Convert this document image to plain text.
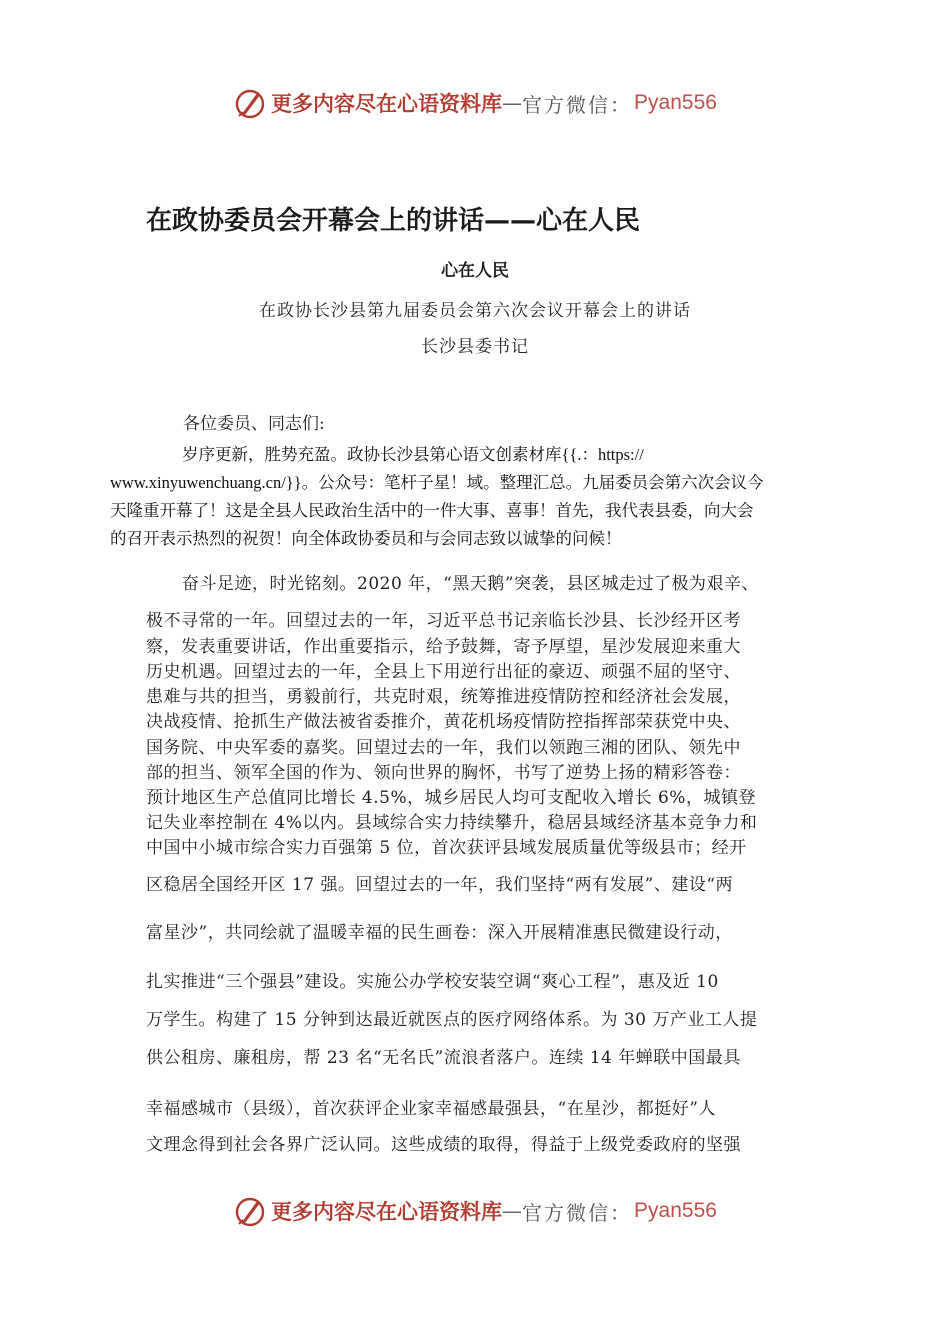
更多内容尽在心语资料库 — 官方微信： Pyan556
在政协委员会开幕会上的讲话——心在人民
心在人民
在政协长沙县第九届委员会第六次会议开幕会上的讲话
长沙县委书记
各位委员、同志们:
岁序更新，胜势充盈。政协长沙县第心语文创素材库{{.：https://
www.xinyuwenchuang.cn/}}。公众号：笔杆子星！域。整理汇总。九届委员会第六次会议今
天隆重开幕了！这是全县人民政治生活中的一件大事、喜事！首先，我代表县委，向大会
的召开表示热烈的祝贺！向全体政协委员和与会同志致以诚挚的问候！
奋斗足迹，时光铭刻。2020 年，“黑天鹅”突袭，县区城走过了极为艰辛、
极不寻常的一年。回望过去的一年，习近平总书记亲临长沙县、长沙经开区考
察，发表重要讲话，作出重要指示，给予鼓舞，寄予厚望，星沙发展迎来重大
历史机遇。回望过去的一年，全县上下用逆行出征的豪迈、顽强不屈的坚守、
患难与共的担当，勇毅前行，共克时艰，统筹推进疫情防控和经济社会发展，
决战疫情、抢抓生产做法被省委推介，黄花机场疫情防控指挥部荣获党中央、
国务院、中央军委的嘉奖。回望过去的一年，我们以领跑三湘的团队、领先中
部的担当、领军全国的作为、领向世界的胸怀，书写了逆势上扬的精彩答卷：
预计地区生产总值同比增长 4.5%，城乡居民人均可支配收入增长 6%，城镇登
记失业率控制在 4%以内。县域综合实力持续攀升，稳居县域经济基本竞争力和
中国中小城市综合实力百强第 5 位，首次获评县域发展质量优等级县市；经开
区稳居全国经开区 17 强。回望过去的一年，我们坚持“两有发展”、建设“两
富星沙”，共同绘就了温暖幸福的民生画卷：深入开展精准惠民微建设行动，
扎实推进“三个强县”建设。实施公办学校安装空调“爽心工程”，惠及近 10
万学生。构建了 15 分钟到达最近就医点的医疗网络体系。为 30 万产业工人提
供公租房、廉租房，帮 23 名“无名氏”流浪者落户。连续 14 年蝉联中国最具
幸福感城市（县级），首次获评企业家幸福感最强县，“在星沙，都挺好”人
文理念得到社会各界广泛认同。这些成绩的取得，得益于上级党委政府的坚强
更多内容尽在心语资料库 — 官方微信： Pyan556
